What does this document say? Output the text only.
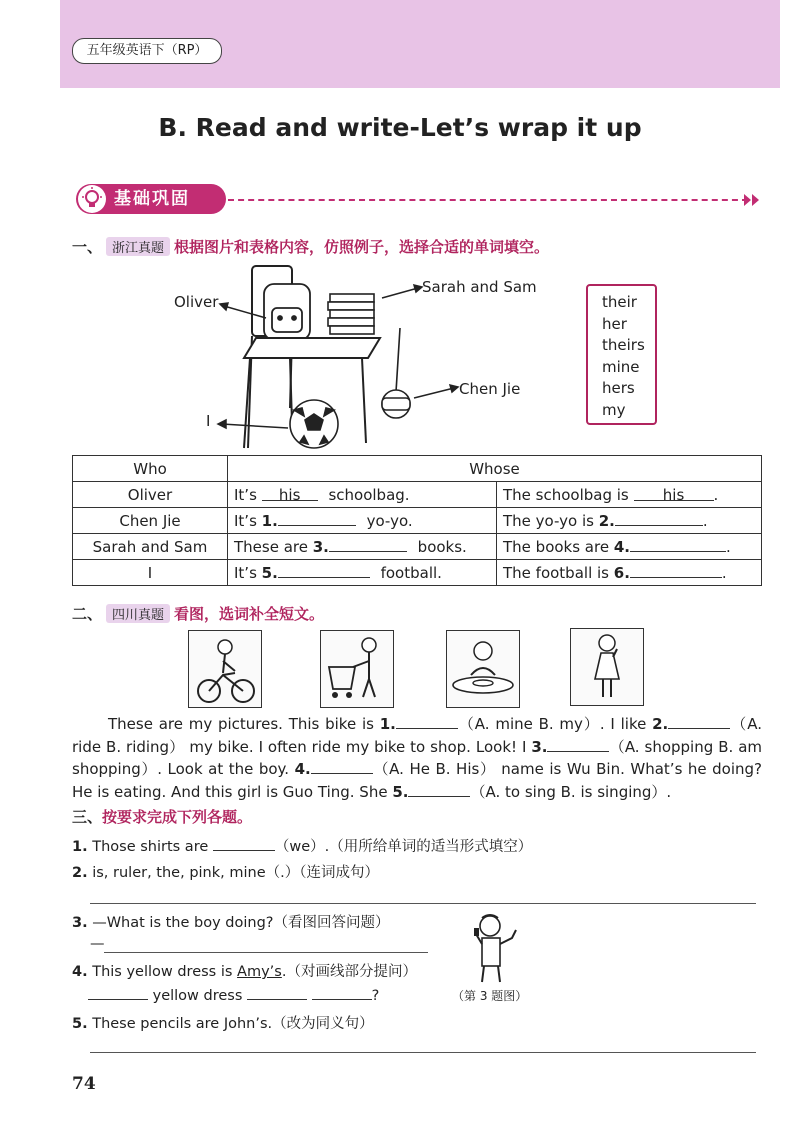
五年级英语下（RP）
B. Read and write-Let’s wrap it up
基础巩固
一、 浙江真题 根据图片和表格内容，仿照例子，选择合适的单词填空。
Oliver
Sarah and Sam
Chen Jie
I
their
her
theirs
mine
hers
my
Who	Whose	
Oliver	It’s his schoolbag.	The schoolbag is his .
Chen Jie	It’s 1. yo-yo.	The yo-yo is 2. .
Sarah and Sam	These are 3. books.	The books are 4. .
I	It’s 5. football.	The football is 6. .
二、 四川真题 看图，选词补全短文。
These are my pictures. This bike is 1.	（A. mine B. my）. I like 2.	（A. ride B. riding） my bike. I often ride my bike to shop. Look! I 3.	（A. shopping B. am shopping）. Look at the boy. 4.	（A. He B. His） name is Wu Bin. What’s he doing? He is eating. And this girl is Guo Ting. She 5.	（A. to sing B. is singing）.
三、按要求完成下列各题。
1. Those shirts are	（we）.（用所给单词的适当形式填空）
2. is, ruler, the, pink, mine（.）（连词成句）
3. —What is the boy doing?（看图回答问题）
—
4. This yellow dress is Amy’s.（对画线部分提问）
yellow dress	?
5. These pencils are John’s.（改为同义句）
（第 3 题图）
74
